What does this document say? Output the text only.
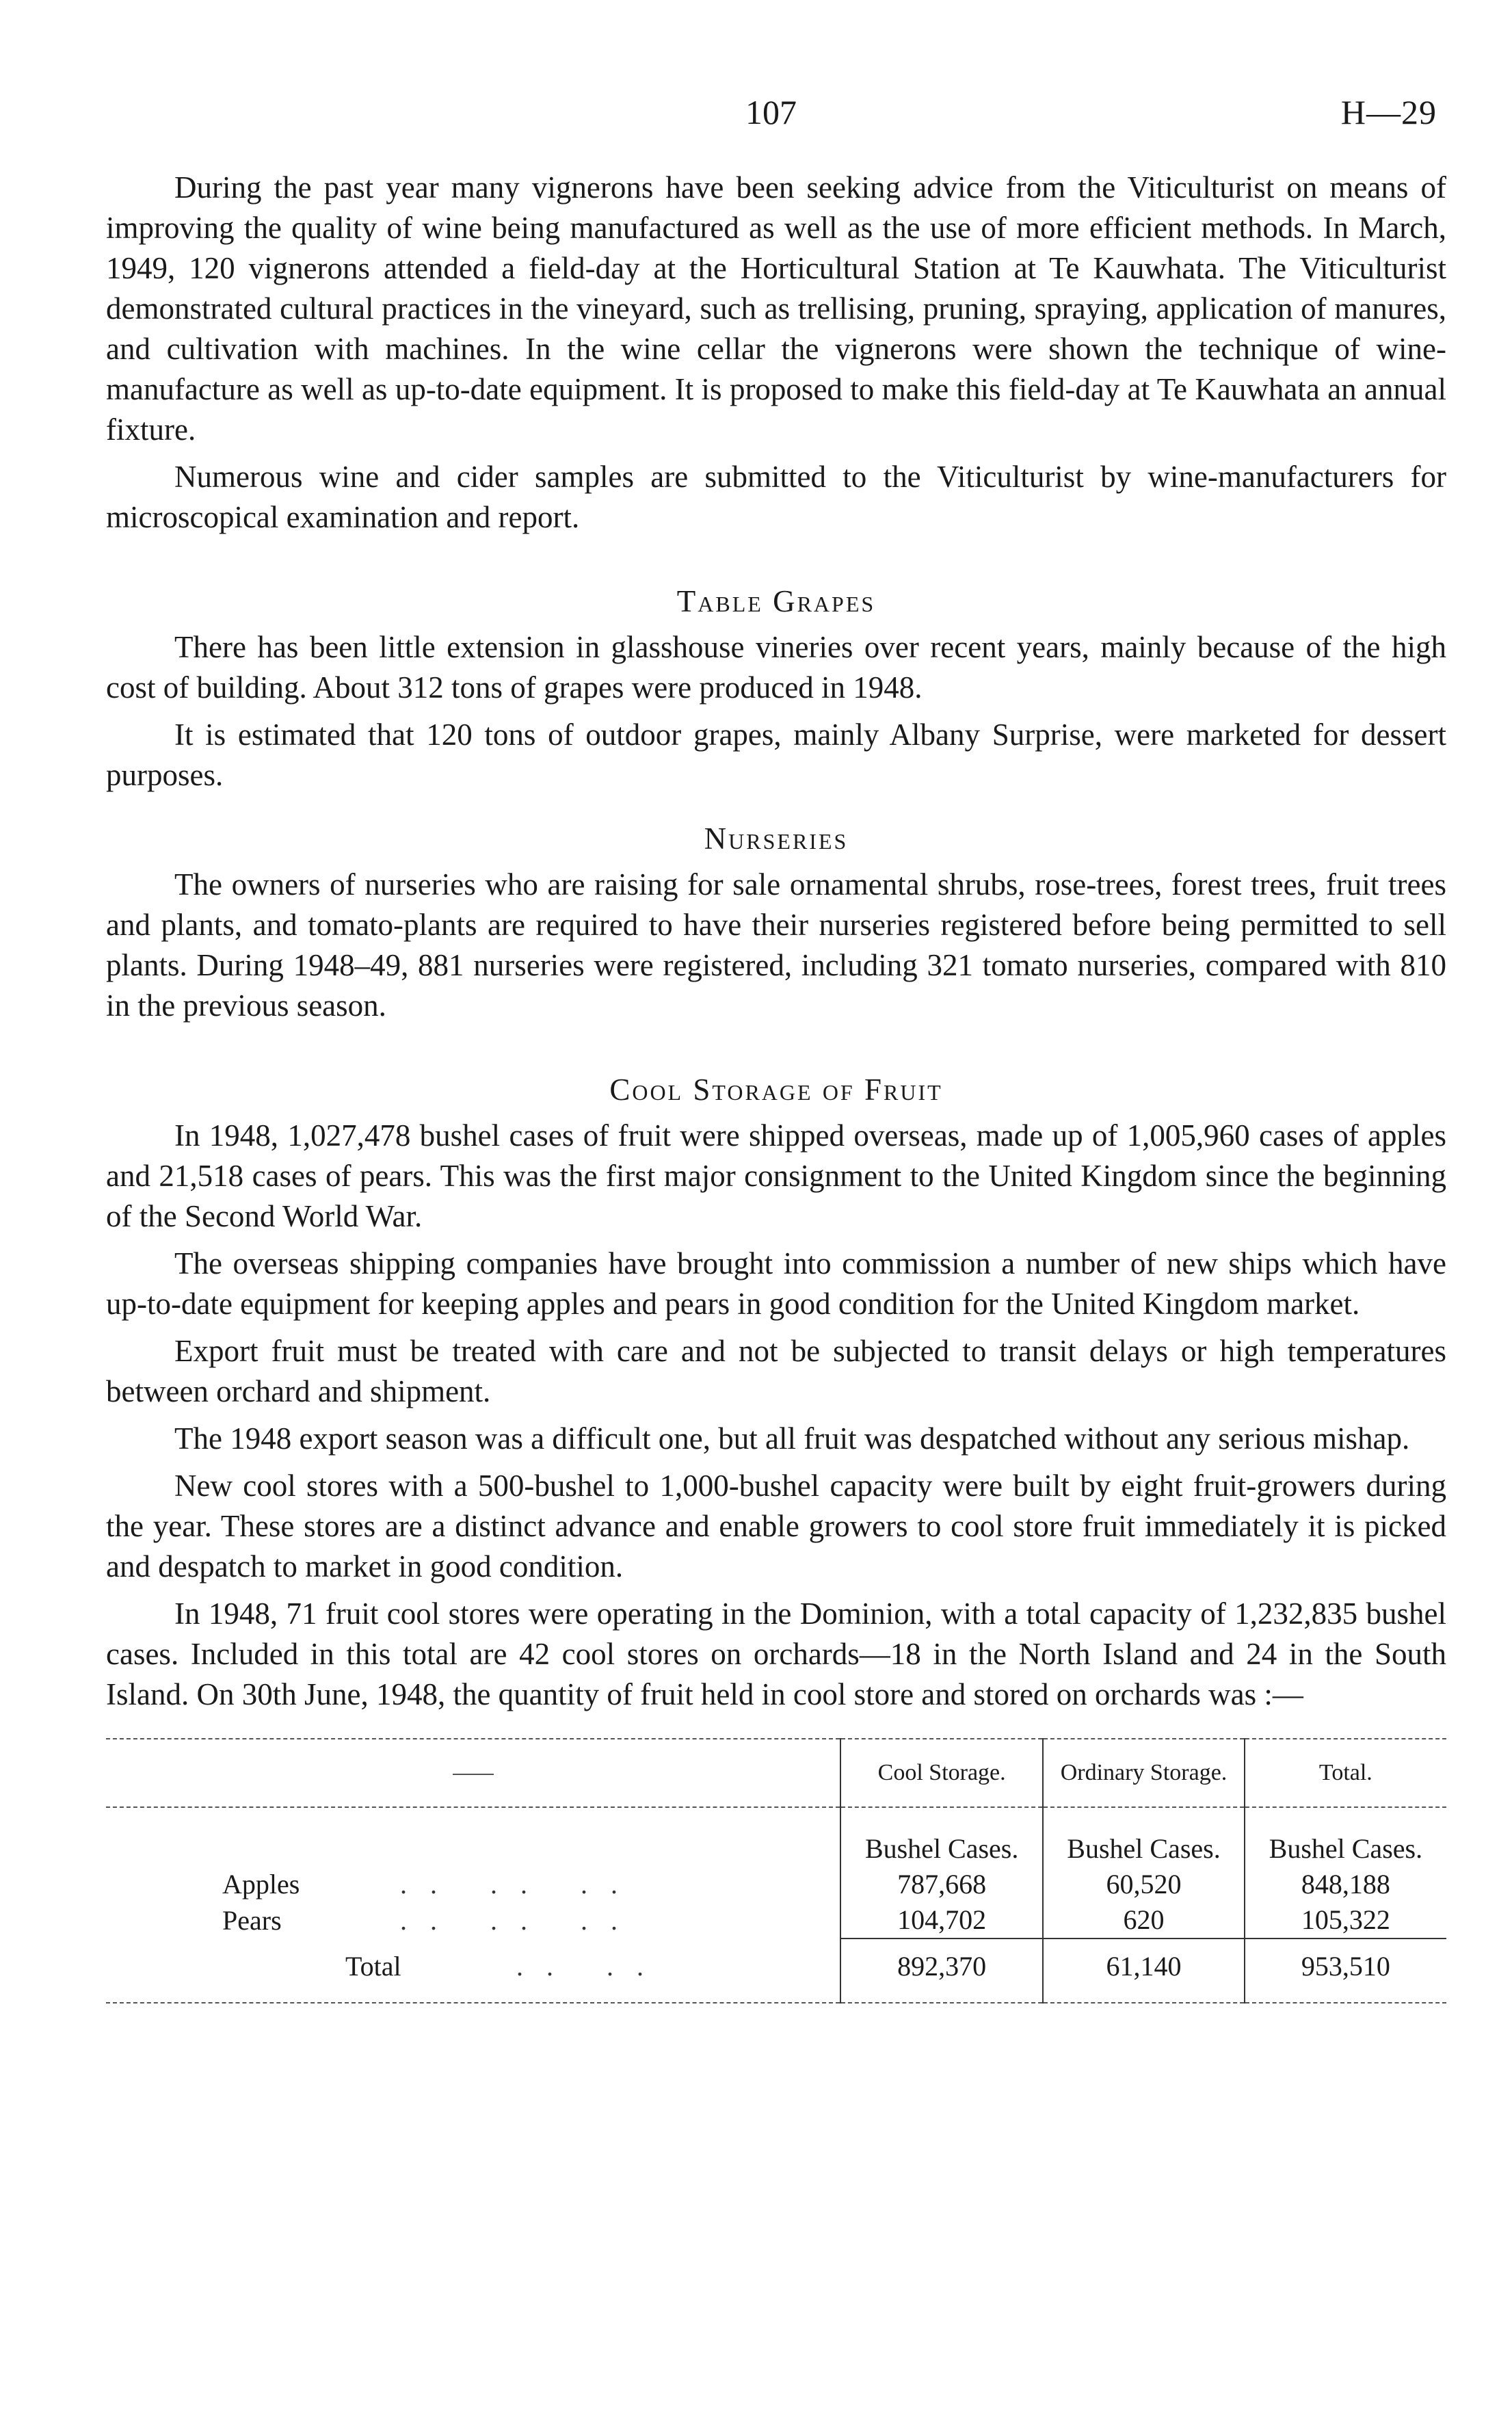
107	H—29

During the past year many vignerons have been seeking advice from the Viticulturist on means of improving the quality of wine being manufactured as well as the use of more efficient methods. In March, 1949, 120 vignerons attended a field-day at the Horticultural Station at Te Kauwhata. The Viticulturist demonstrated cultural practices in the vineyard, such as trellising, pruning, spraying, application of manures, and cultivation with machines. In the wine cellar the vignerons were shown the technique of wine-manufacture as well as up-to-date equipment. It is proposed to make this field-day at Te Kauwhata an annual fixture.

Numerous wine and cider samples are submitted to the Viticulturist by wine-manufacturers for microscopical examination and report.

Table Grapes

There has been little extension in glasshouse vineries over recent years, mainly because of the high cost of building. About 312 tons of grapes were produced in 1948.

It is estimated that 120 tons of outdoor grapes, mainly Albany Surprise, were marketed for dessert purposes.

Nurseries

The owners of nurseries who are raising for sale ornamental shrubs, rose-trees, forest trees, fruit trees and plants, and tomato-plants are required to have their nurseries registered before being permitted to sell plants. During 1948–49, 881 nurseries were registered, including 321 tomato nurseries, compared with 810 in the previous season.

Cool Storage of Fruit

In 1948, 1,027,478 bushel cases of fruit were shipped overseas, made up of 1,005,960 cases of apples and 21,518 cases of pears. This was the first major consignment to the United Kingdom since the beginning of the Second World War.

The overseas shipping companies have brought into commission a number of new ships which have up-to-date equipment for keeping apples and pears in good condition for the United Kingdom market.

Export fruit must be treated with care and not be subjected to transit delays or high temperatures between orchard and shipment.

The 1948 export season was a difficult one, but all fruit was despatched without any serious mishap.

New cool stores with a 500-bushel to 1,000-bushel capacity were built by eight fruit-growers during the year. These stores are a distinct advance and enable growers to cool store fruit immediately it is picked and despatch to market in good condition.

In 1948, 71 fruit cool stores were operating in the Dominion, with a total capacity of 1,232,835 bushel cases. Included in this total are 42 cool stores on orchards—18 in the North Island and 24 in the South Island. On 30th June, 1948, the quantity of fruit held in cool store and stored on orchards was :—

	Cool Storage.	Ordinary Storage.	Total.
	Bushel Cases.	Bushel Cases.	Bushel Cases.
Apples . .   . .   . .	787,668	60,520	848,188
Pears . .   . .   . .	104,702	620	105,322
Total . .   . .	892,370	61,140	953,510
